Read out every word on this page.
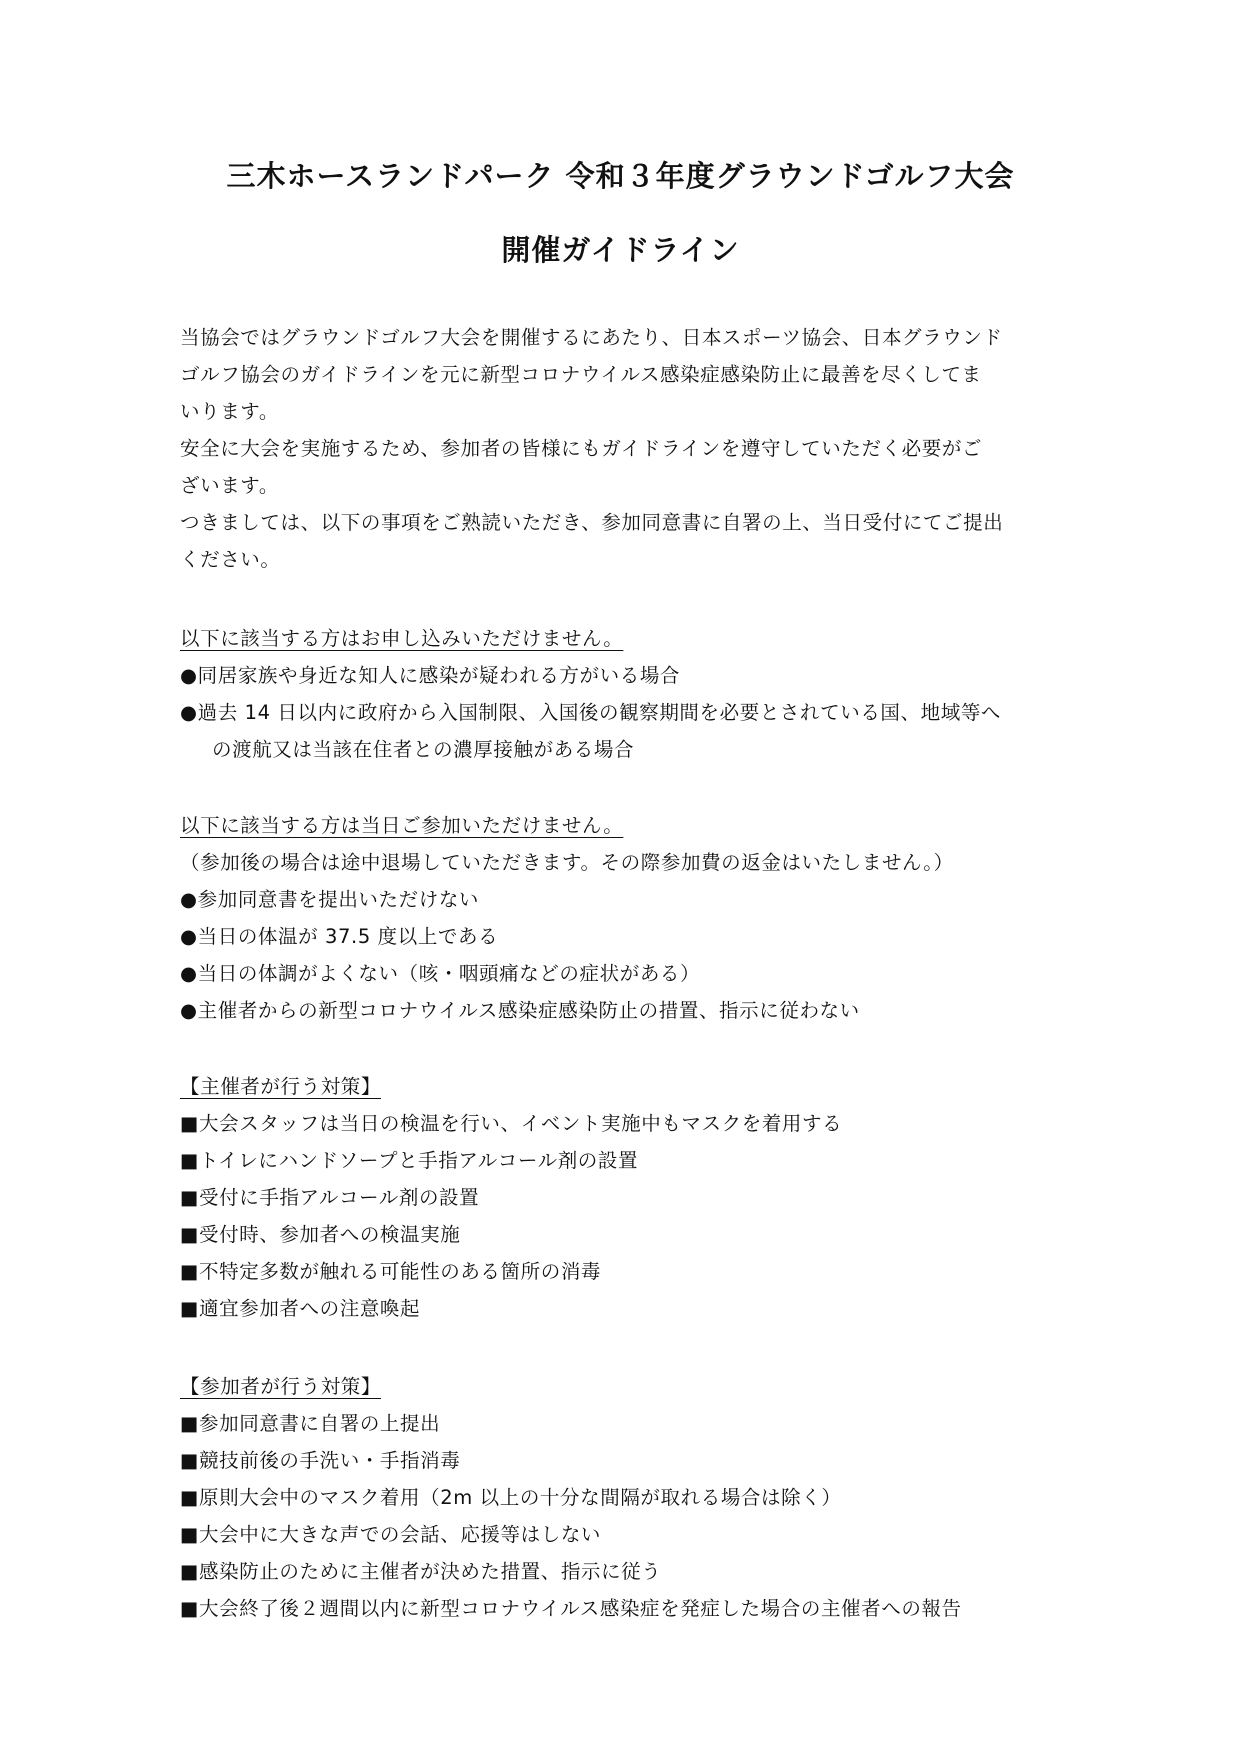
三木ホースランドパーク 令和３年度グラウンドゴルフ大会
開催ガイドライン
当協会ではグラウンドゴルフ大会を開催するにあたり、日本スポーツ協会、日本グラウンド
ゴルフ協会のガイドラインを元に新型コロナウイルス感染症感染防止に最善を尽くしてま
いります。
安全に大会を実施するため、参加者の皆様にもガイドラインを遵守していただく必要がご
ざいます。
つきましては、以下の事項をご熟読いただき、参加同意書に自署の上、当日受付にてご提出
ください。
以下に該当する方はお申し込みいただけません。
●同居家族や身近な知人に感染が疑われる方がいる場合
●過去 14 日以内に政府から入国制限、入国後の観察期間を必要とされている国、地域等へ
の渡航又は当該在住者との濃厚接触がある場合
以下に該当する方は当日ご参加いただけません。
（参加後の場合は途中退場していただきます。その際参加費の返金はいたしません。）
●参加同意書を提出いただけない
●当日の体温が 37.5 度以上である
●当日の体調がよくない（咳・咽頭痛などの症状がある）
●主催者からの新型コロナウイルス感染症感染防止の措置、指示に従わない
【主催者が行う対策】
■大会スタッフは当日の検温を行い、イベント実施中もマスクを着用する
■トイレにハンドソープと手指アルコール剤の設置
■受付に手指アルコール剤の設置
■受付時、参加者への検温実施
■不特定多数が触れる可能性のある箇所の消毒
■適宜参加者への注意喚起
【参加者が行う対策】
■参加同意書に自署の上提出
■競技前後の手洗い・手指消毒
■原則大会中のマスク着用（2m 以上の十分な間隔が取れる場合は除く）
■大会中に大きな声での会話、応援等はしない
■感染防止のために主催者が決めた措置、指示に従う
■大会終了後２週間以内に新型コロナウイルス感染症を発症した場合の主催者への報告
